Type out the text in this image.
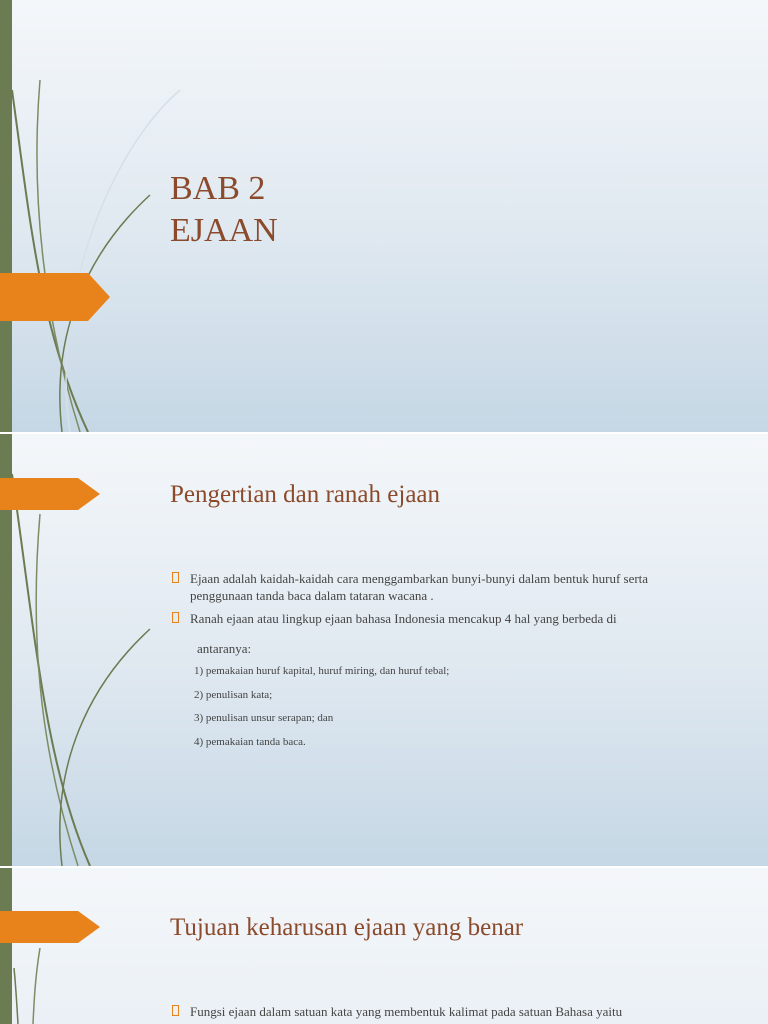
BAB 2
EJAAN
Pengertian dan ranah ejaan
Ejaan adalah kaidah-kaidah cara menggambarkan bunyi-bunyi dalam bentuk huruf serta penggunaan tanda baca dalam tataran wacana .
Ranah ejaan atau lingkup ejaan bahasa Indonesia mencakup 4 hal yang berbeda di
antaranya:
1) pemakaian huruf kapital, huruf miring, dan huruf tebal;
2) penulisan kata;
3) penulisan unsur serapan; dan
4) pemakaian tanda baca.
Tujuan keharusan ejaan yang benar
Fungsi ejaan dalam satuan kata yang membentuk kalimat pada satuan Bahasa yaitu
